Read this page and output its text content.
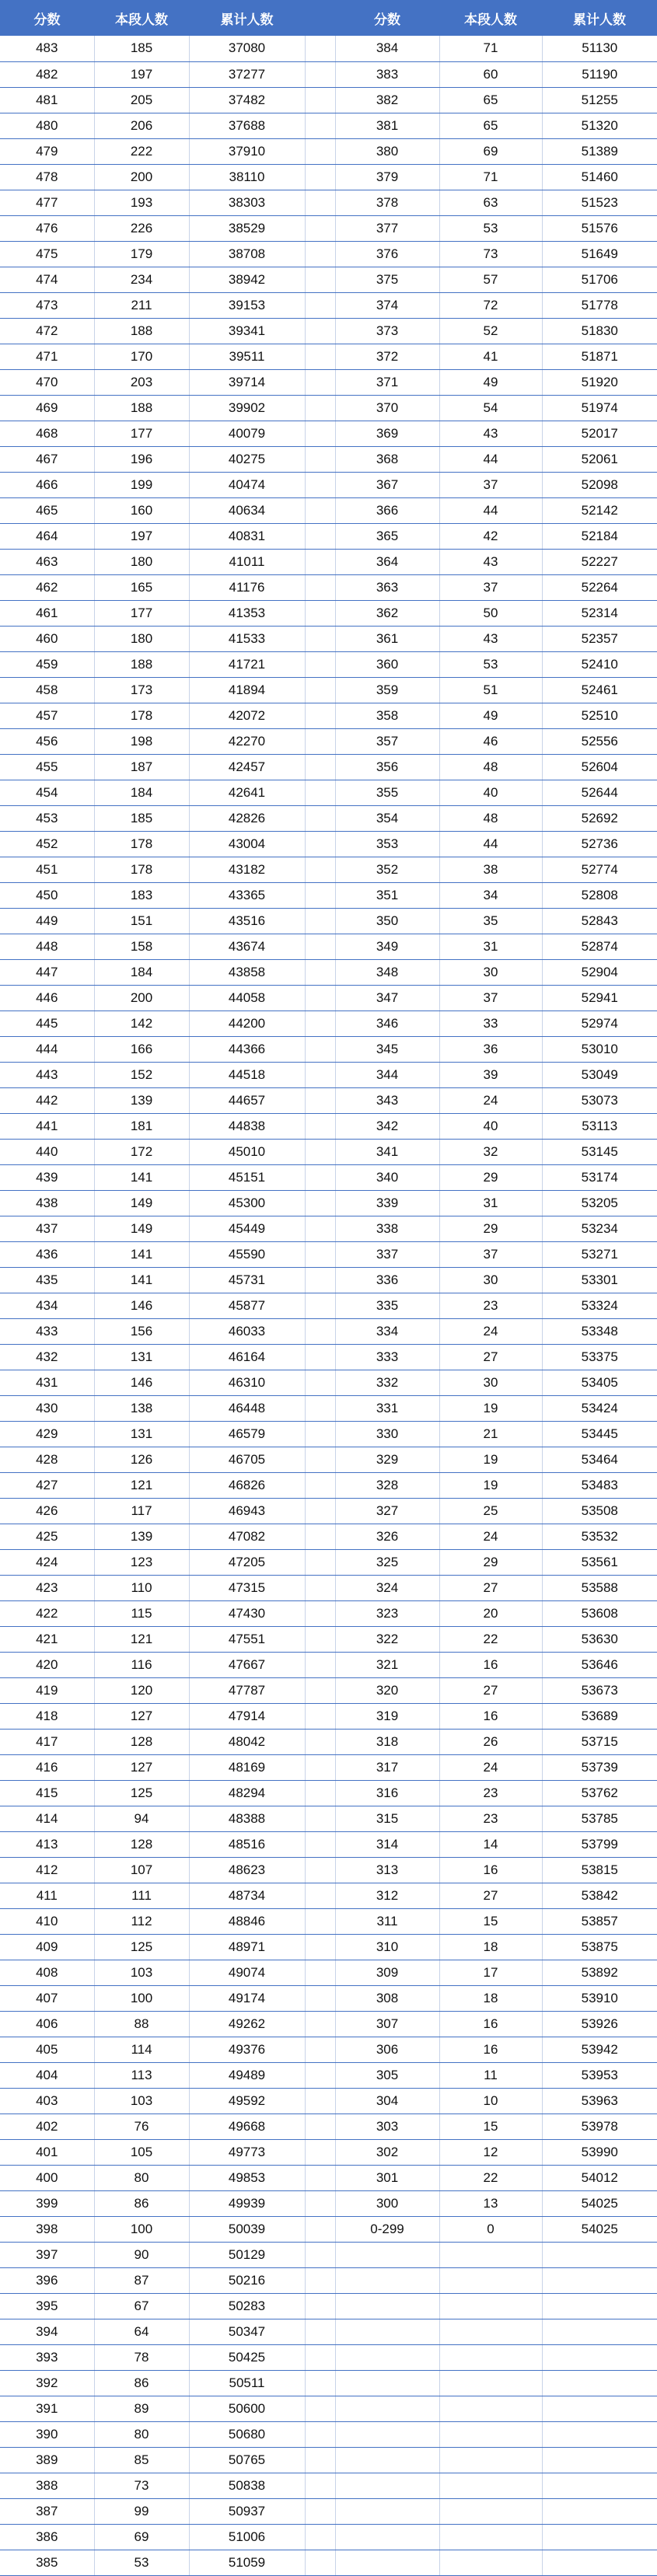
分数	本段人数	累计人数		分数	本段人数	累计人数
483	185	37080		384	71	51130
482	197	37277		383	60	51190
481	205	37482		382	65	51255
480	206	37688		381	65	51320
479	222	37910		380	69	51389
478	200	38110		379	71	51460
477	193	38303		378	63	51523
476	226	38529		377	53	51576
475	179	38708		376	73	51649
474	234	38942		375	57	51706
473	211	39153		374	72	51778
472	188	39341		373	52	51830
471	170	39511		372	41	51871
470	203	39714		371	49	51920
469	188	39902		370	54	51974
468	177	40079		369	43	52017
467	196	40275		368	44	52061
466	199	40474		367	37	52098
465	160	40634		366	44	52142
464	197	40831		365	42	52184
463	180	41011		364	43	52227
462	165	41176		363	37	52264
461	177	41353		362	50	52314
460	180	41533		361	43	52357
459	188	41721		360	53	52410
458	173	41894		359	51	52461
457	178	42072		358	49	52510
456	198	42270		357	46	52556
455	187	42457		356	48	52604
454	184	42641		355	40	52644
453	185	42826		354	48	52692
452	178	43004		353	44	52736
451	178	43182		352	38	52774
450	183	43365		351	34	52808
449	151	43516		350	35	52843
448	158	43674		349	31	52874
447	184	43858		348	30	52904
446	200	44058		347	37	52941
445	142	44200		346	33	52974
444	166	44366		345	36	53010
443	152	44518		344	39	53049
442	139	44657		343	24	53073
441	181	44838		342	40	53113
440	172	45010		341	32	53145
439	141	45151		340	29	53174
438	149	45300		339	31	53205
437	149	45449		338	29	53234
436	141	45590		337	37	53271
435	141	45731		336	30	53301
434	146	45877		335	23	53324
433	156	46033		334	24	53348
432	131	46164		333	27	53375
431	146	46310		332	30	53405
430	138	46448		331	19	53424
429	131	46579		330	21	53445
428	126	46705		329	19	53464
427	121	46826		328	19	53483
426	117	46943		327	25	53508
425	139	47082		326	24	53532
424	123	47205		325	29	53561
423	110	47315		324	27	53588
422	115	47430		323	20	53608
421	121	47551		322	22	53630
420	116	47667		321	16	53646
419	120	47787		320	27	53673
418	127	47914		319	16	53689
417	128	48042		318	26	53715
416	127	48169		317	24	53739
415	125	48294		316	23	53762
414	94	48388		315	23	53785
413	128	48516		314	14	53799
412	107	48623		313	16	53815
411	111	48734		312	27	53842
410	112	48846		311	15	53857
409	125	48971		310	18	53875
408	103	49074		309	17	53892
407	100	49174		308	18	53910
406	88	49262		307	16	53926
405	114	49376		306	16	53942
404	113	49489		305	11	53953
403	103	49592		304	10	53963
402	76	49668		303	15	53978
401	105	49773		302	12	53990
400	80	49853		301	22	54012
399	86	49939		300	13	54025
398	100	50039		0-299	0	54025
397	90	50129				
396	87	50216				
395	67	50283				
394	64	50347				
393	78	50425				
392	86	50511				
391	89	50600				
390	80	50680				
389	85	50765				
388	73	50838				
387	99	50937				
386	69	51006				
385	53	51059				
